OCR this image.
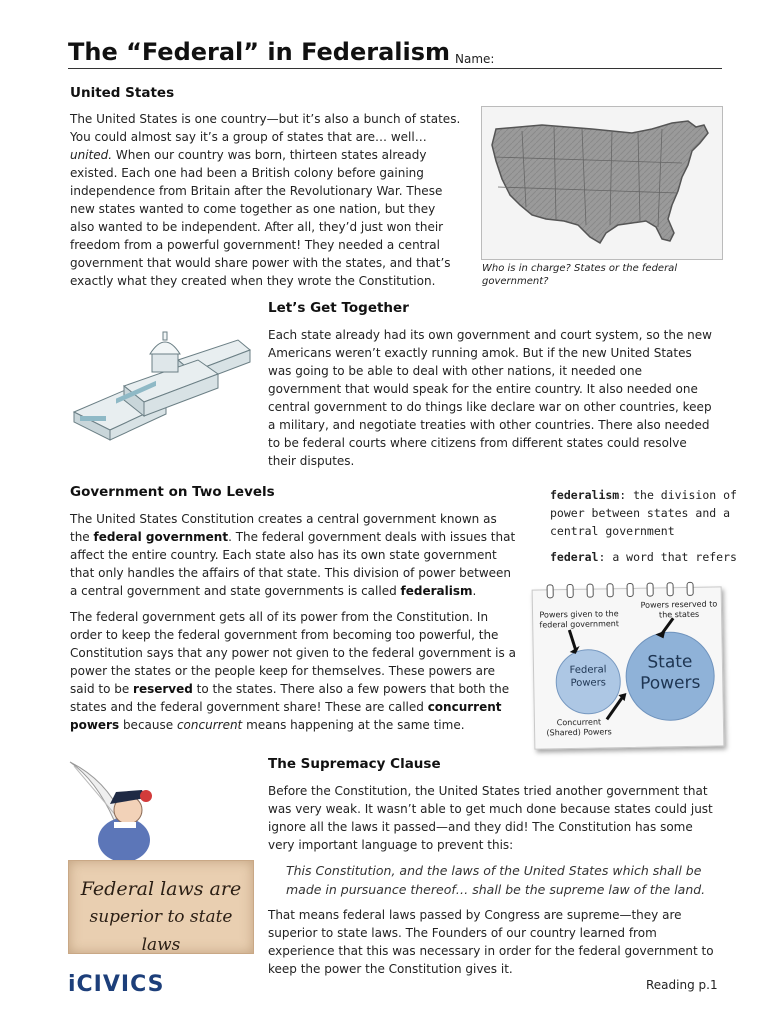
The “Federal” in Federalism Name:
United States
The United States is one country—but it’s also a bunch of states.
You could almost say it’s a group of states that are… well…
united. When our country was born, thirteen states already
existed. Each one had been a British colony before gaining
independence from Britain after the Revolutionary War. These
new states wanted to come together as one nation, but they
also wanted to be independent. After all, they’d just won their
freedom from a powerful government! They needed a central
government that would share power with the states, and that’s
exactly what they created when they wrote the Constitution.
Who is in charge? States or the federal
government?
Let’s Get Together
Each state already had its own government and court system, so the new
Americans weren’t exactly running amok. But if the new United States
was going to be able to deal with other nations, it needed one
government that would speak for the entire country. It also needed one
central government to do things like declare war on other countries, keep
a military, and negotiate treaties with other countries. There also needed
to be federal courts where citizens from different states could resolve
their disputes.
Government on Two Levels
The United States Constitution creates a central government known as
the federal government. The federal government deals with issues that
affect the entire country. Each state also has its own state government
that only handles the affairs of that state. This division of power between
a central government and state governments is called federalism.
The federal government gets all of its power from the Constitution. In
order to keep the federal government from becoming too powerful, the
Constitution says that any power not given to the federal government is a
power the states or the people keep for themselves. These powers are
said to be reserved to the states. There also a few powers that both the
states and the federal government share! These are called concurrent
powers because concurrent means happening at the same time.
federalism: the division of
power between states and a
central government
federal: a word that refers
Powers given to the
federal government
Powers reserved to
the states
Federal
Powers
State
Powers
Concurrent
(Shared) Powers
The Supremacy Clause
Before the Constitution, the United States tried another government that
was very weak. It wasn’t able to get much done because states could just
ignore all the laws it passed—and they did! The Constitution has some
very important language to prevent this:
This Constitution, and the laws of the United States which shall be
made in pursuance thereof… shall be the supreme law of the land.
That means federal laws passed by Congress are supreme—they are
superior to state laws. The Founders of our country learned from
experience that this was necessary in order for the federal government to
keep the power the Constitution gives it.
Federal laws are
superior to state laws
iCIVICS	Reading p.1
